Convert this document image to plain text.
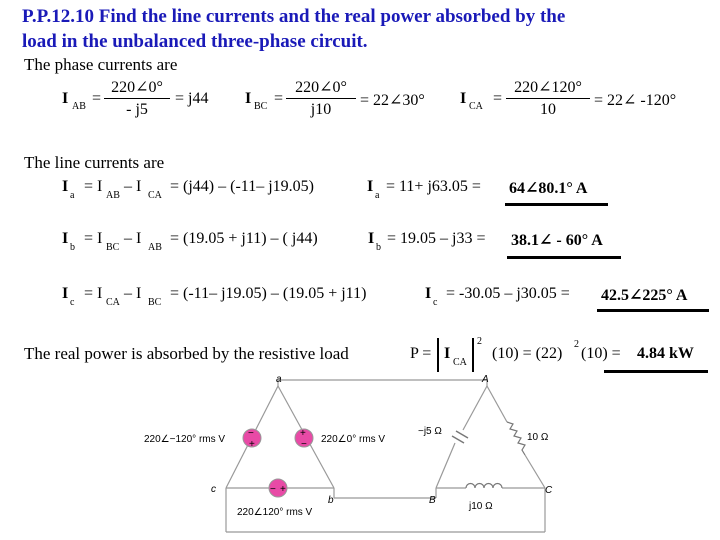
P.P.12.10 Find the line currents and the real power absorbed by the
load in the unbalanced three-phase circuit.
The phase currents are
I AB = $\frac{220\angle 0^\circ}{- j5} = j44$ I BC = $\frac{220\angle 0^\circ}{j10}$ = 22∠30° I CA = $\frac{220\angle 120^\circ}{10}$ = 22∠ -120°
The line currents are
I
a
= I
AB
– I
CA
= (j44) – (-11– j19.05)	I
a
= 11+ j63.05 = 64∠80.1° A
I
b
= I
BC
– I
AB
= (19.05 + j11) – ( j44)	I
b
= 19.05 – j33 = 38.1∠ - 60° A
I
c
= I
CA
– I
BC
= (-11– j19.05) – (19.05 + j11)	I
c
= -30.05 – j30.05 = 42.5∠225° A
The real power is absorbed by the resistive load	P = I
CA
2
(10) = (22)
2
(10) = 4.84 kW
−
+
+
−
− +
a
c
b
A
B
C
220∠−120° rms V	220∠0° rms V
220∠120° rms V
−j5 Ω
10 Ω
j10 Ω
